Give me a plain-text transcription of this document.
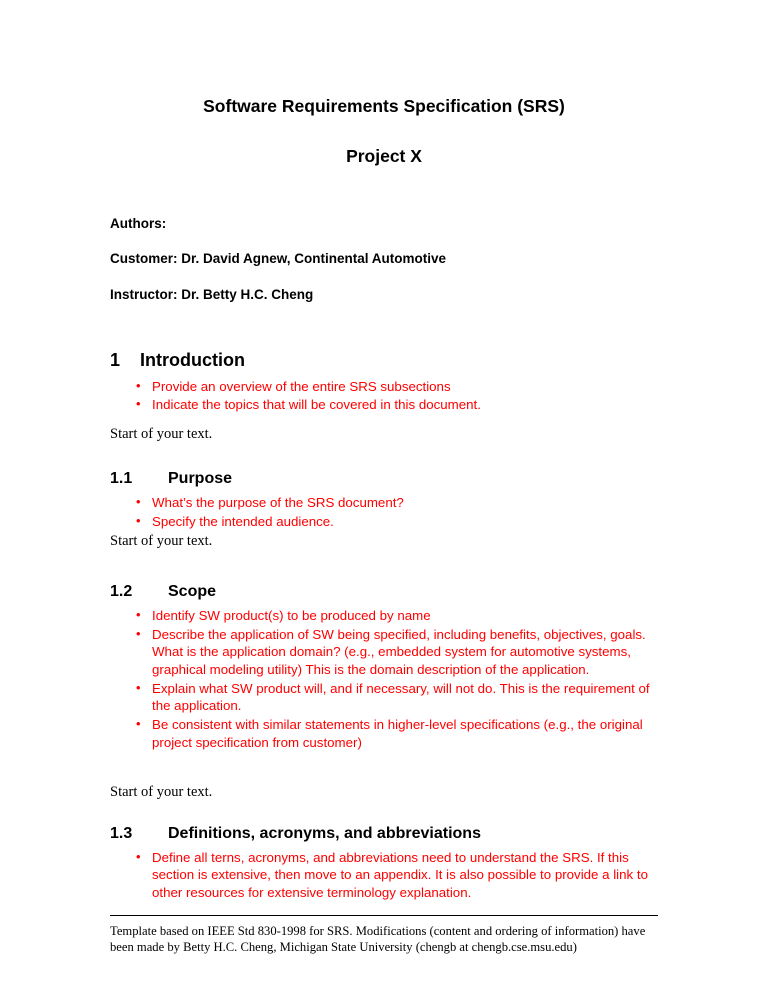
Software Requirements Specification (SRS)
Project X
Authors:
Customer: Dr. David Agnew, Continental Automotive
Instructor: Dr. Betty H.C. Cheng
1 Introduction
• Provide an overview of the entire SRS subsections
• Indicate the topics that will be covered in this document.
Start of your text.
1.1 Purpose
• What’s the purpose of the SRS document?
• Specify the intended audience.
Start of your text.
1.2 Scope
• Identify SW product(s) to be produced by name
• Describe the application of SW being specified, including benefits, objectives, goals. What is the application domain? (e.g., embedded system for automotive systems, graphical modeling utility) This is the domain description of the application.
• Explain what SW product will, and if necessary, will not do. This is the requirement of the application.
• Be consistent with similar statements in higher-level specifications (e.g., the original project specification from customer)
Start of your text.
1.3 Definitions, acronyms, and abbreviations
• Define all terns, acronyms, and abbreviations need to understand the SRS. If this section is extensive, then move to an appendix. It is also possible to provide a link to other resources for extensive terminology explanation.
Template based on IEEE Std 830-1998 for SRS. Modifications (content and ordering of information) have been made by Betty H.C. Cheng, Michigan State University (chengb at chengb.cse.msu.edu)
